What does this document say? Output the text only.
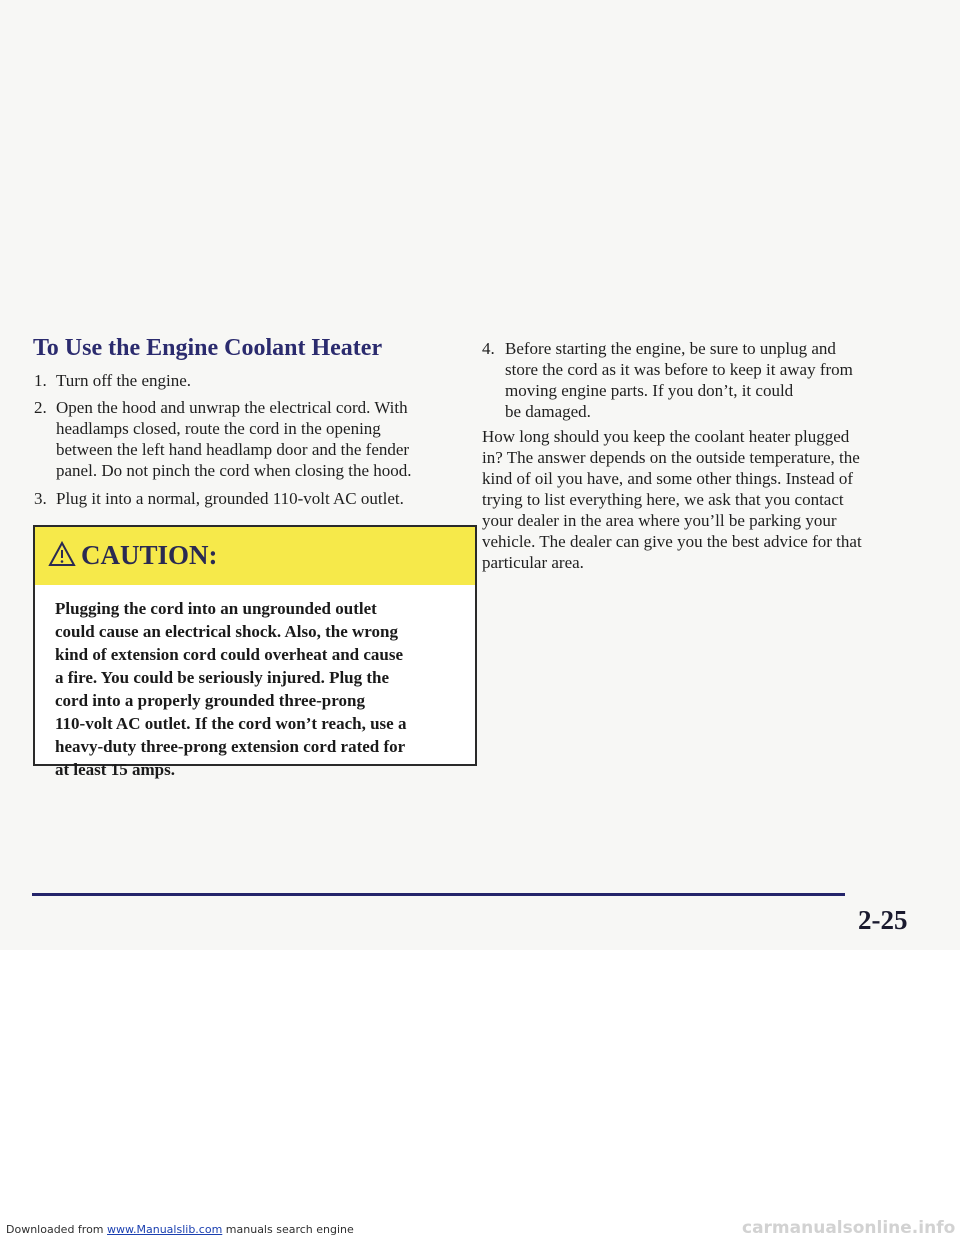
To Use the Engine Coolant Heater
1. Turn off the engine.
2. Open the hood and unwrap the electrical cord. With
headlamps closed, route the cord in the opening
between the left hand headlamp door and the fender
panel. Do not pinch the cord when closing the hood.
3. Plug it into a normal, grounded 110-volt AC outlet.
CAUTION:
Plugging the cord into an ungrounded outlet
could cause an electrical shock. Also, the wrong
kind of extension cord could overheat and cause
a fire. You could be seriously injured. Plug the
cord into a properly grounded three-prong
110-volt AC outlet. If the cord won’t reach, use a
heavy-duty three-prong extension cord rated for
at least 15 amps.
4. Before starting the engine, be sure to unplug and
store the cord as it was before to keep it away from
moving engine parts. If you don’t, it could
be damaged.
How long should you keep the coolant heater plugged
in? The answer depends on the outside temperature, the
kind of oil you have, and some other things. Instead of
trying to list everything here, we ask that you contact
your dealer in the area where you’ll be parking your
vehicle. The dealer can give you the best advice for that
particular area.
2-25
Downloaded from www.Manualslib.com manuals search engine	carmanualsonline.info
